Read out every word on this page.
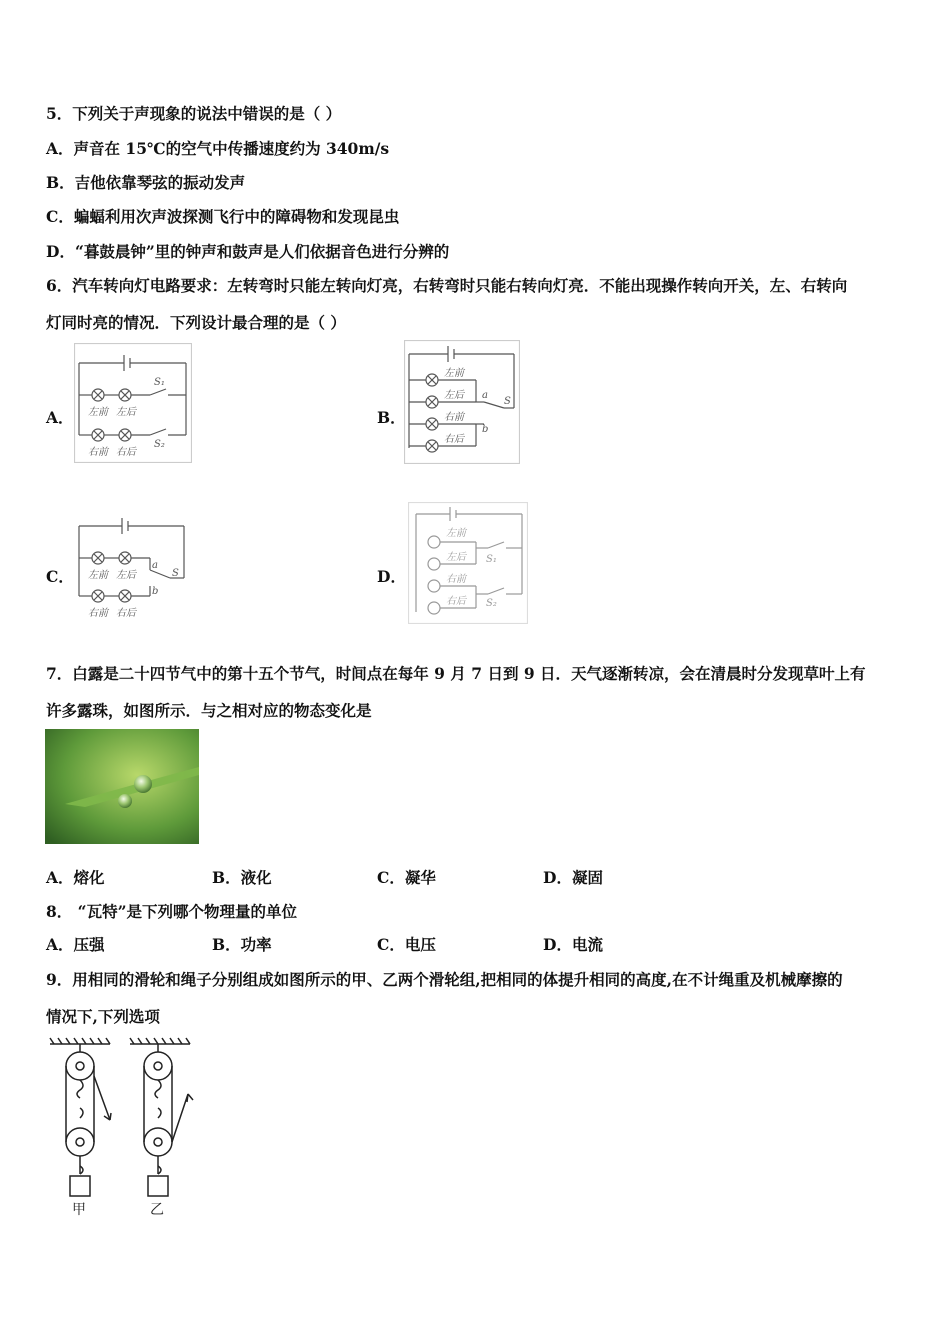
5．下列关于声现象的说法中错误的是（ ）
A．声音在 15℃的空气中传播速度约为 340m/s
B．吉他依靠琴弦的振动发声
C．蝙蝠利用次声波探测飞行中的障碍物和发现昆虫
D．“暮鼓晨钟”里的钟声和鼓声是人们依据音色进行分辨的
6．汽车转向灯电路要求：左转弯时只能左转向灯亮，右转弯时只能右转向灯亮．不能出现操作转向开关，左、右转向
灯同时亮的情况．下列设计最合理的是（ ）
A．	B．
C．	D．
左前 左后
S₁
右前 右后
S₂
左前
左后
右前
右后
a
b
S
左前 左后
右前 右后
a
b
S
左前
左后
右前
右后
S₁
S₂
7．白露是二十四节气中的第十五个节气，时间点在每年 9 月 7 日到 9 日．天气逐渐转凉，会在清晨时分发现草叶上有
许多露珠，如图所示．与之相对应的物态变化是
A．熔化	B．液化	C．凝华	D．凝固
8． “瓦特”是下列哪个物理量的单位
A．压强	B．功率	C．电压	D．电流
9．用相同的滑轮和绳子分别组成如图所示的甲、乙两个滑轮组,把相同的体提升相同的高度,在不计绳重及机械摩擦的
情况下,下列选项
甲	乙
